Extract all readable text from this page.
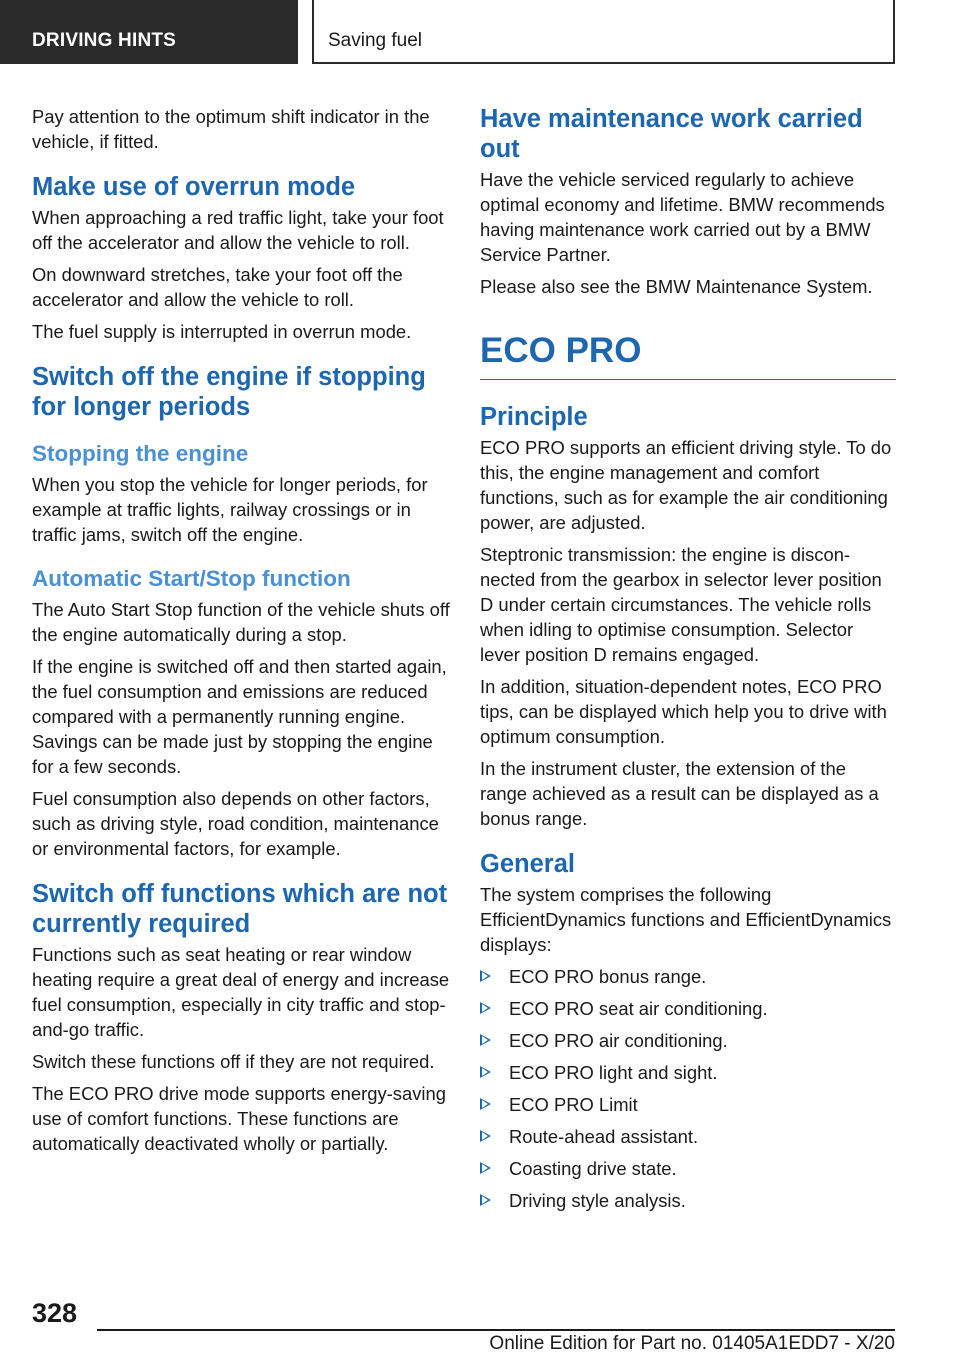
DRIVING HINTS	Saving fuel

Pay attention to the optimum shift indicator in the vehicle, if fitted.

Make use of overrun mode

When approaching a red traffic light, take your foot off the accelerator and allow the vehicle to roll.

On downward stretches, take your foot off the accelerator and allow the vehicle to roll.

The fuel supply is interrupted in overrun mode.

Switch off the engine if stopping for longer periods
Stopping the engine

When you stop the vehicle for longer periods, for example at traffic lights, railway crossings or in traffic jams, switch off the engine.

Automatic Start/Stop function

The Auto Start Stop function of the vehicle shuts off the engine automatically during a stop.

If the engine is switched off and then started again, the fuel consumption and emissions are reduced compared with a permanently running engine. Savings can be made just by stopping the engine for a few seconds.

Fuel consumption also depends on other factors, such as driving style, road condition, maintenance or environmental factors, for example.

Switch off functions which are not currently required

Functions such as seat heating or rear window heating require a great deal of energy and increase fuel consumption, especially in city traffic and stop-and-go traffic.

Switch these functions off if they are not required.

The ECO PRO drive mode supports energy-saving use of comfort functions. These functions are automatically deactivated wholly or partially.

Have maintenance work carried out

Have the vehicle serviced regularly to achieve optimal economy and lifetime. BMW recommends having maintenance work carried out by a BMW Service Partner.

Please also see the BMW Maintenance System.

ECO PRO
Principle

ECO PRO supports an efficient driving style. To do this, the engine management and comfort functions, such as for example the air conditioning power, are adjusted.

Steptronic transmission: the engine is disconnected from the gearbox in selector lever position D under certain circumstances. The vehicle rolls when idling to optimise consumption. Selector lever position D remains engaged.

In addition, situation-dependent notes, ECO PRO tips, can be displayed which help you to drive with optimum consumption.

In the instrument cluster, the extension of the range achieved as a result can be displayed as a bonus range.

General

The system comprises the following EfficientDynamics functions and EfficientDynamics displays:

ECO PRO bonus range.
ECO PRO seat air conditioning.
ECO PRO air conditioning.
ECO PRO light and sight.
ECO PRO Limit
Route-ahead assistant.
Coasting drive state.
Driving style analysis.
328
Online Edition for Part no. 01405A1EDD7 - X/20
